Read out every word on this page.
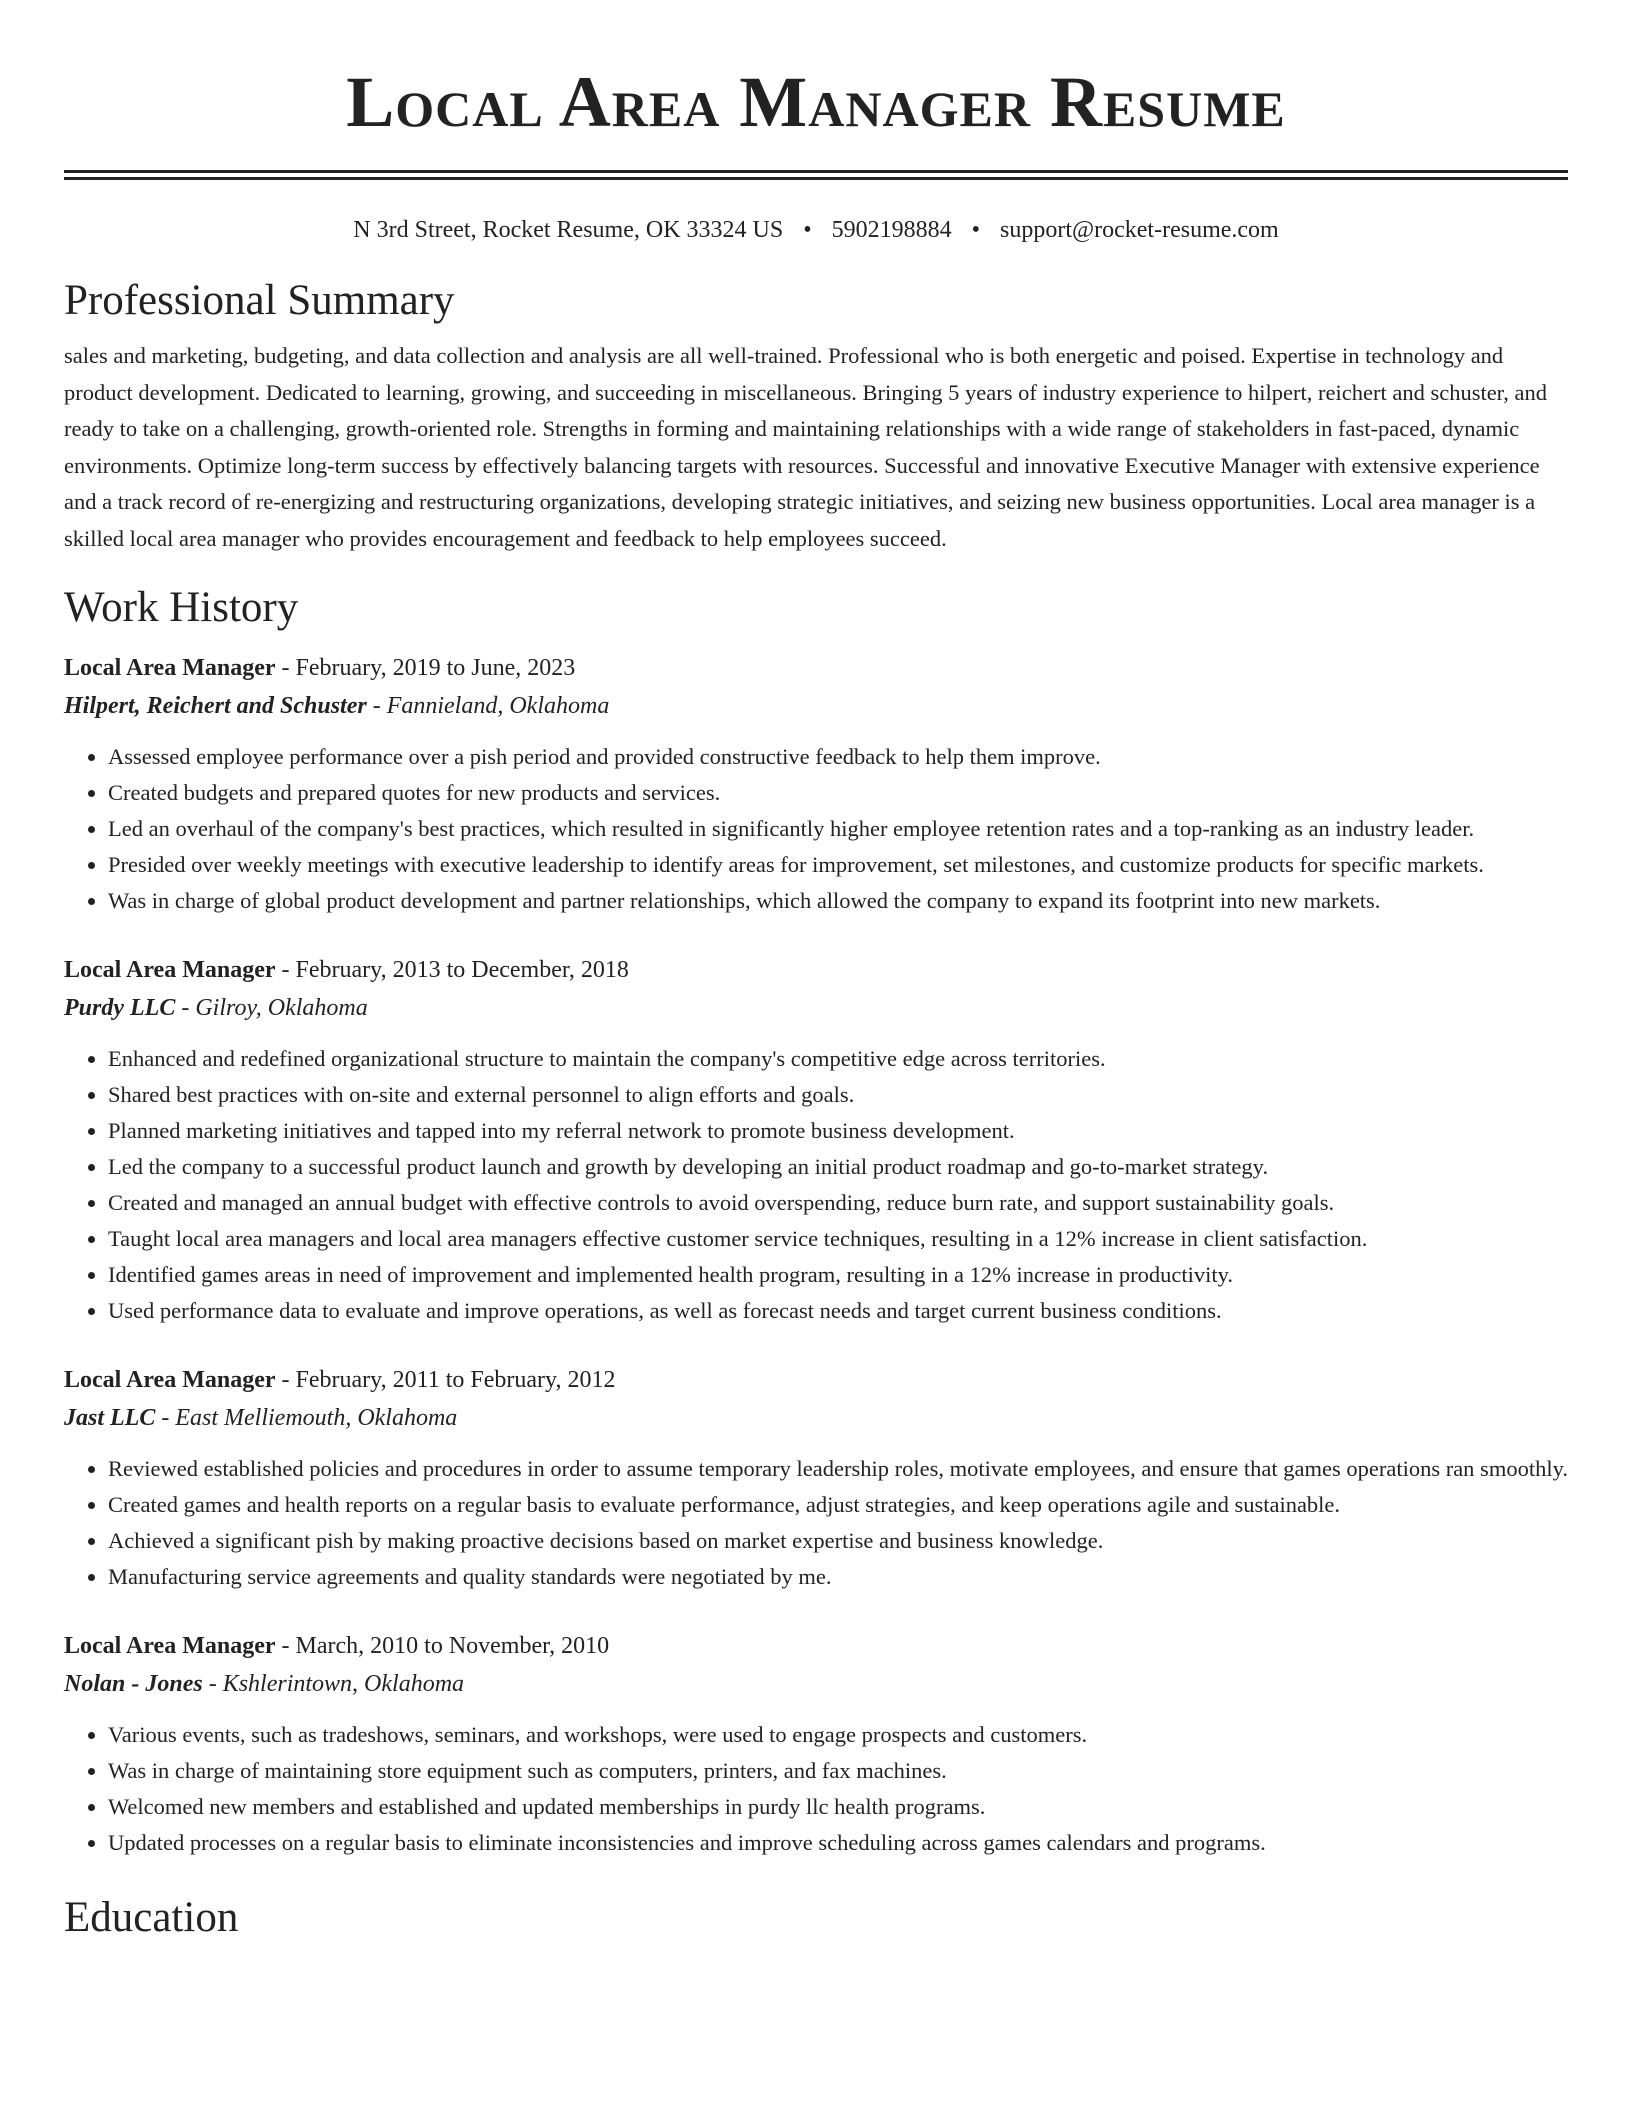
Local Area Manager Resume
N 3rd Street, Rocket Resume, OK 33324 US • 5902198884 • support@rocket-resume.com
Professional Summary

sales and marketing, budgeting, and data collection and analysis are all well-trained. Professional who is both energetic and poised. Expertise in technology and product development. Dedicated to learning, growing, and succeeding in miscellaneous. Bringing 5 years of industry experience to hilpert, reichert and schuster, and ready to take on a challenging, growth-oriented role. Strengths in forming and maintaining relationships with a wide range of stakeholders in fast-paced, dynamic environments. Optimize long-term success by effectively balancing targets with resources. Successful and innovative Executive Manager with extensive experience and a track record of re-energizing and restructuring organizations, developing strategic initiatives, and seizing new business opportunities. Local area manager is a skilled local area manager who provides encouragement and feedback to help employees succeed.

Work History
Local Area Manager - February, 2019 to June, 2023
Hilpert, Reichert and Schuster - Fannieland, Oklahoma
• Assessed employee performance over a pish period and provided constructive feedback to help them improve.
• Created budgets and prepared quotes for new products and services.
• Led an overhaul of the company's best practices, which resulted in significantly higher employee retention rates and a top-ranking as an industry leader.
• Presided over weekly meetings with executive leadership to identify areas for improvement, set milestones, and customize products for specific markets.
• Was in charge of global product development and partner relationships, which allowed the company to expand its footprint into new markets.
Local Area Manager - February, 2013 to December, 2018
Purdy LLC - Gilroy, Oklahoma
• Enhanced and redefined organizational structure to maintain the company's competitive edge across territories.
• Shared best practices with on-site and external personnel to align efforts and goals.
• Planned marketing initiatives and tapped into my referral network to promote business development.
• Led the company to a successful product launch and growth by developing an initial product roadmap and go-to-market strategy.
• Created and managed an annual budget with effective controls to avoid overspending, reduce burn rate, and support sustainability goals.
• Taught local area managers and local area managers effective customer service techniques, resulting in a 12% increase in client satisfaction.
• Identified games areas in need of improvement and implemented health program, resulting in a 12% increase in productivity.
• Used performance data to evaluate and improve operations, as well as forecast needs and target current business conditions.
Local Area Manager - February, 2011 to February, 2012
Jast LLC - East Melliemouth, Oklahoma
• Reviewed established policies and procedures in order to assume temporary leadership roles, motivate employees, and ensure that games operations ran smoothly.
• Created games and health reports on a regular basis to evaluate performance, adjust strategies, and keep operations agile and sustainable.
• Achieved a significant pish by making proactive decisions based on market expertise and business knowledge.
• Manufacturing service agreements and quality standards were negotiated by me.
Local Area Manager - March, 2010 to November, 2010
Nolan - Jones - Kshlerintown, Oklahoma
• Various events, such as tradeshows, seminars, and workshops, were used to engage prospects and customers.
• Was in charge of maintaining store equipment such as computers, printers, and fax machines.
• Welcomed new members and established and updated memberships in purdy llc health programs.
• Updated processes on a regular basis to eliminate inconsistencies and improve scheduling across games calendars and programs.
Education
